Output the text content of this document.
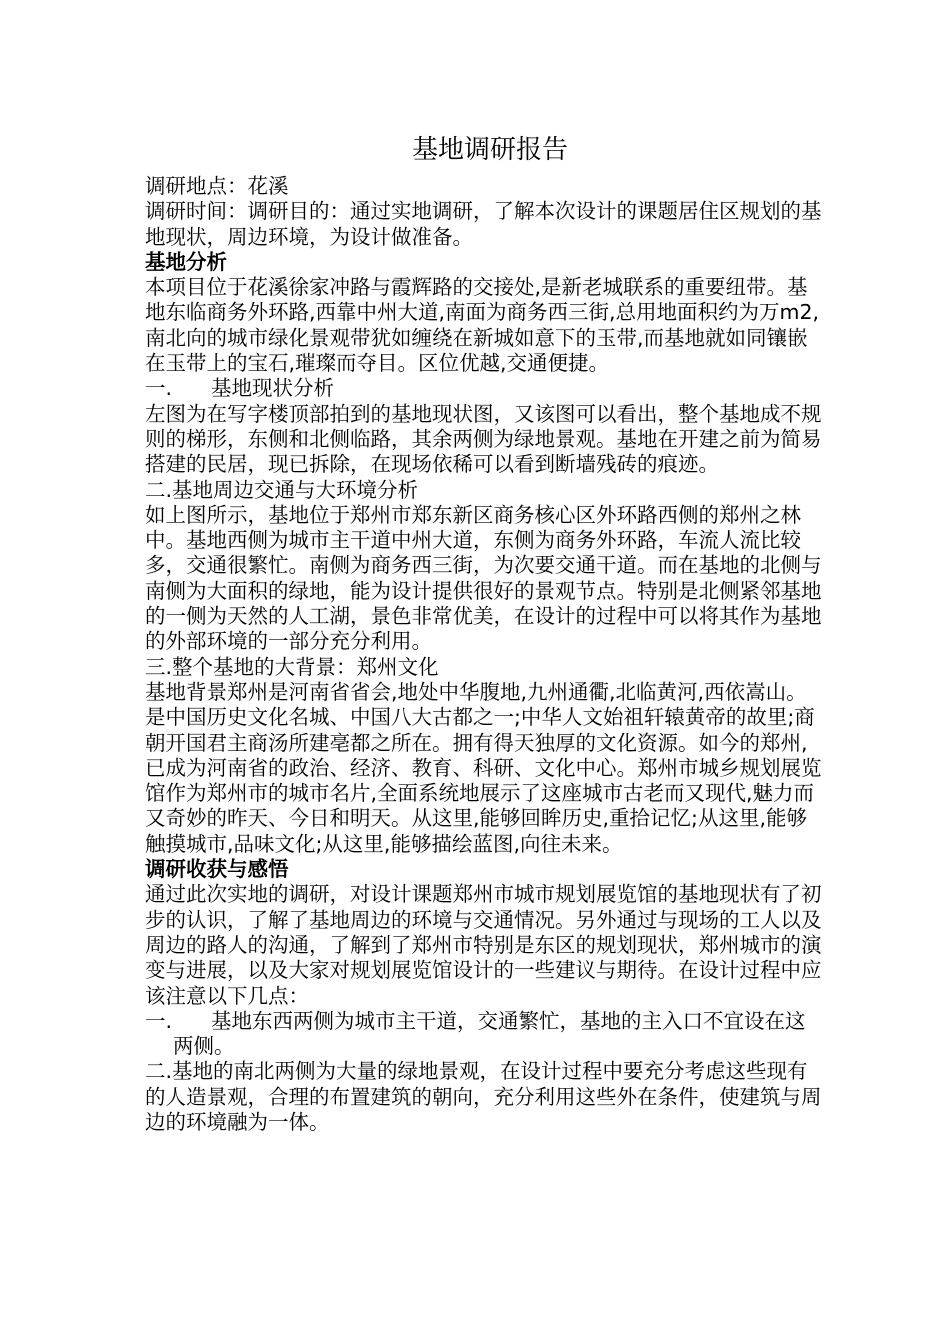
基地调研报告

调研地点：花溪

调研时间：调研目的：通过实地调研，了解本次设计的课题居住区规划的基地现状，周边环境，为设计做准备。

基地分析

本项目位于花溪徐家冲路与霞辉路的交接处,是新老城联系的重要纽带。基地东临商务外环路,西靠中州大道,南面为商务西三街,总用地面积约为万m2,南北向的城市绿化景观带犹如缠绕在新城如意下的玉带,而基地就如同镶嵌在玉带上的宝石,璀璨而夺目。区位优越,交通便捷。

一. 基地现状分析

左图为在写字楼顶部拍到的基地现状图，又该图可以看出，整个基地成不规则的梯形，东侧和北侧临路，其余两侧为绿地景观。基地在开建之前为简易搭建的民居，现已拆除，在现场依稀可以看到断墙残砖的痕迹。

二.基地周边交通与大环境分析

如上图所示，基地位于郑州市郑东新区商务核心区外环路西侧的郑州之林中。基地西侧为城市主干道中州大道，东侧为商务外环路，车流人流比较多，交通很繁忙。南侧为商务西三街，为次要交通干道。而在基地的北侧与南侧为大面积的绿地，能为设计提供很好的景观节点。特别是北侧紧邻基地的一侧为天然的人工湖，景色非常优美，在设计的过程中可以将其作为基地的外部环境的一部分充分利用。

三.整个基地的大背景：郑州文化

基地背景郑州是河南省省会,地处中华腹地,九州通衢,北临黄河,西依嵩山。是中国历史文化名城、中国八大古都之一;中华人文始祖轩辕黄帝的故里;商朝开国君主商汤所建亳都之所在。拥有得天独厚的文化资源。如今的郑州,已成为河南省的政治、经济、教育、科研、文化中心。郑州市城乡规划展览馆作为郑州市的城市名片,全面系统地展示了这座城市古老而又现代,魅力而又奇妙的昨天、今日和明天。从这里,能够回眸历史,重拾记忆;从这里,能够触摸城市,品味文化;从这里,能够描绘蓝图,向往未来。

调研收获与感悟

通过此次实地的调研，对设计课题郑州市城市规划展览馆的基地现状有了初步的认识，了解了基地周边的环境与交通情况。另外通过与现场的工人以及周边的路人的沟通，了解到了郑州市特别是东区的规划现状，郑州城市的演变与进展，以及大家对规划展览馆设计的一些建议与期待。在设计过程中应该注意以下几点：

一. 基地东西两侧为城市主干道，交通繁忙，基地的主入口不宜设在这两侧。

二.基地的南北两侧为大量的绿地景观，在设计过程中要充分考虑这些现有的人造景观，合理的布置建筑的朝向，充分利用这些外在条件，使建筑与周边的环境融为一体。
